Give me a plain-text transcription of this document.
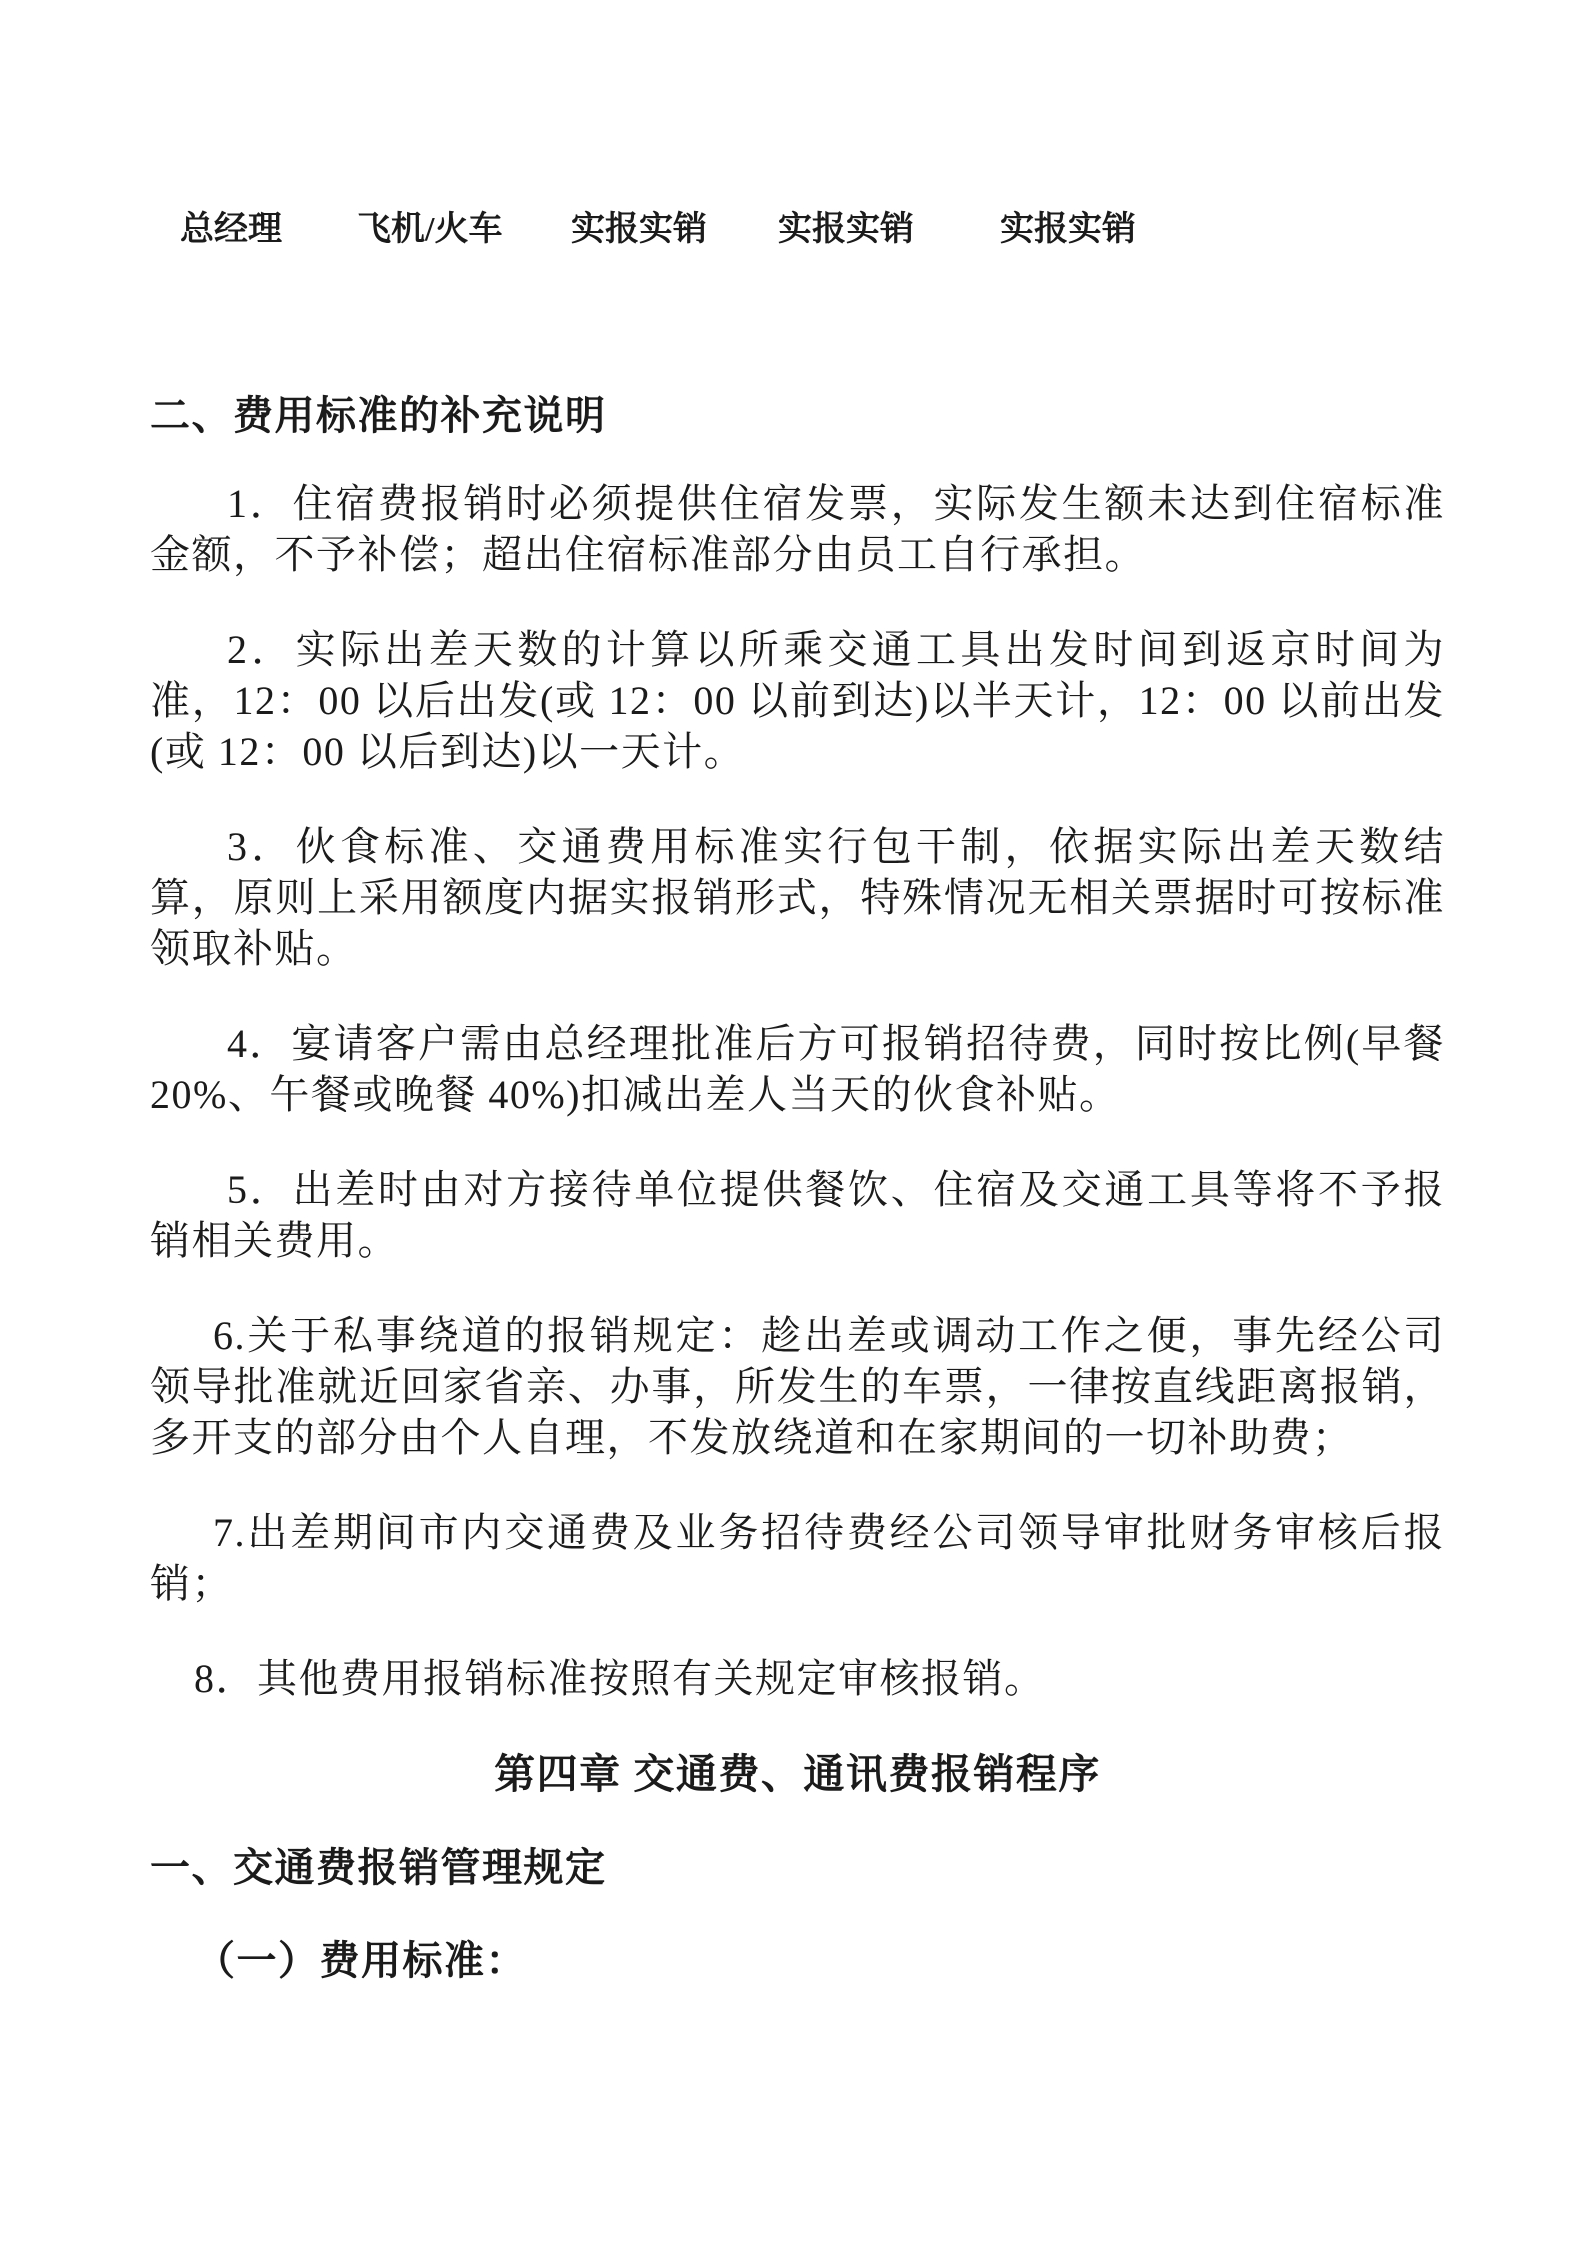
总经理 飞机/火车 实报实销 实报实销	实报实销
二、费用标准的补充说明

1．住宿费报销时必须提供住宿发票，实际发生额未达到住宿标准金额，不予补偿；超出住宿标准部分由员工自行承担。

2．实际出差天数的计算以所乘交通工具出发时间到返京时间为准，12：00 以后出发(或 12：00 以前到达)以半天计，12：00 以前出发(或 12：00 以后到达)以一天计。

3．伙食标准、交通费用标准实行包干制，依据实际出差天数结算，原则上采用额度内据实报销形式，特殊情况无相关票据时可按标准领取补贴。

4．宴请客户需由总经理批准后方可报销招待费，同时按比例(早餐 20%、午餐或晚餐 40%)扣减出差人当天的伙食补贴。

5．出差时由对方接待单位提供餐饮、住宿及交通工具等将不予报销相关费用。

6.关于私事绕道的报销规定：趁出差或调动工作之便，事先经公司领导批准就近回家省亲、办事，所发生的车票，一律按直线距离报销，多开支的部分由个人自理，不发放绕道和在家期间的一切补助费；

7.出差期间市内交通费及业务招待费经公司领导审批财务审核后报销；

8．其他费用报销标准按照有关规定审核报销。

第四章 交通费、通讯费报销程序
一、交通费报销管理规定
（一）费用标准：
